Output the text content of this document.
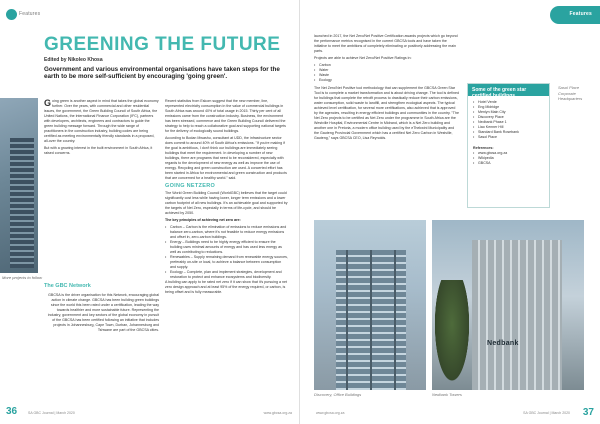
Features
GREENING THE FUTURE
Edited by Nikoleo Khosa
Government and various environmental organisations have taken steps for the earth to be more self-sufficient by encouraging 'going green'.
More projects to follow

Going green is another aspect in mind that takes the global economy further. Over the years, with commercial and other residential issues, the government, the Green Building Council of South Africa, the United Nations, the International Finance Corporation (IFC), partners with developers, architects, engineers and contractors to guide the green building message forward. Through the wide range of practitioners in the construction industry, building codes are being certified as meeting environmentally friendly standards in a proposed, all-over the country.

But with a growing interest in the built environment in South Africa, it raised concerns.

The GBC Network
GBCSA is the driver organisation for this Network, encouraging global action in climate change. GBCSA has been building green buildings since the world this been rated under a certification, leading the way towards healthier and more sustainable future. Representing the industry, government and key sectors of the global economy in pursuit of the GBCSA has been certified following an initiative that includes projects in Johannesburg, Cape Town, Durban, Johannesburg and Tshwane are part of the GBCSA cities.

Recent statistics from Eskom suggest that the new member, line, represented electricity consumption in the value of commercial buildings in South Africa was around 40% of total usage in 2015. Thirty per cent of all emissions came from the construction industry. Business, the environment has been stressed, commerce and the Green Building Council delivered the strategy to help to reach a collaborative goal and supporting national targets for the delivery of ecologically sound buildings.

According to Bodan Mwashu, consultant at UDD, the infrastructure sector does commit to around 40% of South Africa's emissions. "If you're making if the goal is ambitious, I don't think our buildings are immediately seeing buildings that meet the requirement. In developing a number of new buildings, there are programs that need to be reconsidered, especially with regards to the development of new energy as well as improve the use of energy. Recycling and green construction are used. A concerted effort has been started in Africa for environmental and green construction and products that are concerned for a healthy world." said.

GOING NETZERO

The World Green Building Council (WorldGBC) believes that the target could significantly cost less while having lower, longer term emissions and a lower carbon footprint of all new buildings. It's an achievable goal and supported by the targets of Net Zero, especially in terms of life-cycle, and should be achieved by 2050.

The key principles of achieving net zero are:

• Carbon – Carbon is the elimination of emissions to reduce emissions and balance zero-carbon, where it's not feasible to reduce energy emissions and offset in, zero-carbon buildings.
• Energy – Buildings need to be highly energy efficient to ensure the building uses minimal amounts of energy and has used less energy as well as contributing to reductions.
• Renewables – Supply remaining demand from renewable energy sources, preferably on-site or local, to achieve a balance between consumption and supply.
• Ecology – Complete, plan and implement strategies, development and restoration to protect and enhance ecosystems and biodiversity.

A building can apply to be rated net zero if it can show that it's pursuing a net zero design approach and at least 95% of the energy required, or carbon, is being offset and is fully measurable.

36	SA GBC Journal | March 2020	www.gbcsa.org.za
Features

launched in 2017, the Net Zero/Net Positive Certification awards projects which go beyond the performance metrics recognised in the current GBCSA tools and have taken the initiative to meet the ambitions of completely eliminating or positively addressing the main parts.

Projects are able to achieve Net Zero/Net Positive Ratings in:

• Carbon
• Water
• Waste
• Ecology

The Net Zero/Net Positive tool methodology that can supplement the GBCSA Green Star Tool is to complete a market transformation and is about driving change. The tool is defined for buildings that complete the retrofit process to drastically reduce their carbon emissions, water consumption, solid waste to landfill, and strengthen ecological aspects. The typical achieved level certification, for several more certifications, also achieved that is approved by the agencies, resulting in energy efficient buildings and communities in the country. "The Net Zero projects to be certified as Net Zero under the programme in South Africa are the Westville Hospital, Environmental Centre in Midrand, which is a Net Zero building and another one in Pretoria, a modern office building used by the eThekwini Municipality and the Gauteng Provincial Government which has a certified Net Zero Carbon in Westville, Gauteng," says GBCSA CEO, Lisa Reynolds.

Some of the green star certified buildings
• Hotel Verde
• Eng Midridge
• Menlyn Main City
• Discovery Place
• Nedbank Phase 1
• Liao Kenner Hill
• Standard Bank Rosebank
• Sasol Place
References:
• www.gbcsa.org.za
• Wikipedia
• GBCSA
Sasol Place Corporate Headquarters
Nedbank
Discovery, Office Buildings	Nedbank Towers
www.gbcsa.org.za	SA GBC Journal | March 2020 37
